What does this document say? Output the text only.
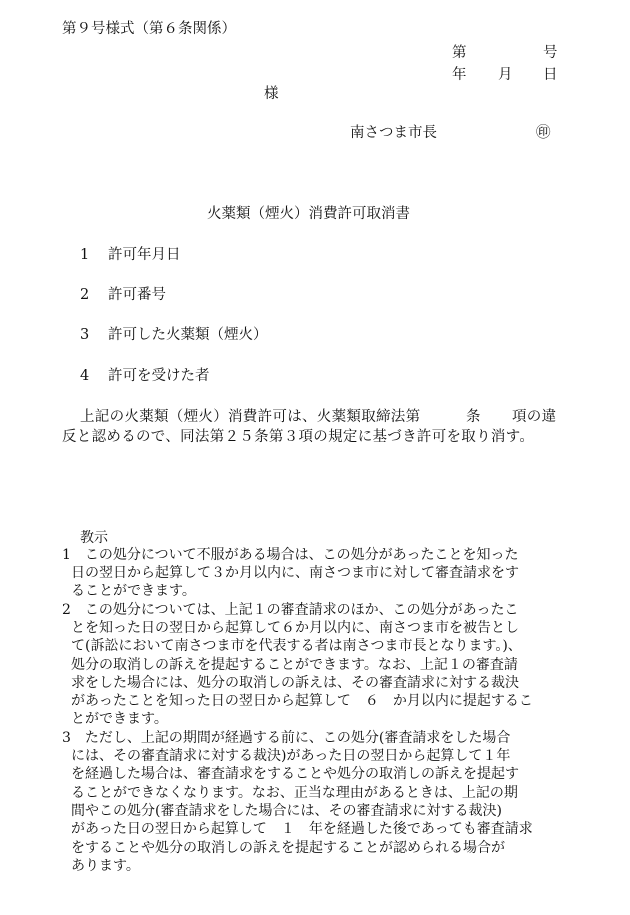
第９号様式（第６条関係）
第	号
年 月 日
様
南さつま市長	㊞
火薬類（煙火）消費許可取消書
1 許可年月日
2 許可番号
3 許可した火薬類（煙火）
4 許可を受けた者
上記の火薬類（煙火）消費許可は、火薬類取締法第	条 項の違
反と認めるので、同法第２５条第３項の規定に基づき許可を取り消す。
教示
1　この処分について不服がある場合は、この処分があったことを知った
日の翌日から起算して３か月以内に、南さつま市に対して審査請求をす
ることができます。
2　この処分については、上記１の審査請求のほか、この処分があったこ
とを知った日の翌日から起算して６か月以内に、南さつま市を被告とし
て(訴訟において南さつま市を代表する者は南さつま市長となります。)、
処分の取消しの訴えを提起することができます。なお、上記１の審査請
求をした場合には、処分の取消しの訴えは、その審査請求に対する裁決
があったことを知った日の翌日から起算して　６　か月以内に提起するこ
とができます。
3　ただし、上記の期間が経過する前に、この処分(審査請求をした場合
には、その審査請求に対する裁決)があった日の翌日から起算して１年
を経過した場合は、審査請求をすることや処分の取消しの訴えを提起す
ることができなくなります。なお、正当な理由があるときは、上記の期
間やこの処分(審査請求をした場合には、その審査請求に対する裁決)
があった日の翌日から起算して　１　年を経過した後であっても審査請求
をすることや処分の取消しの訴えを提起することが認められる場合が
あります。
